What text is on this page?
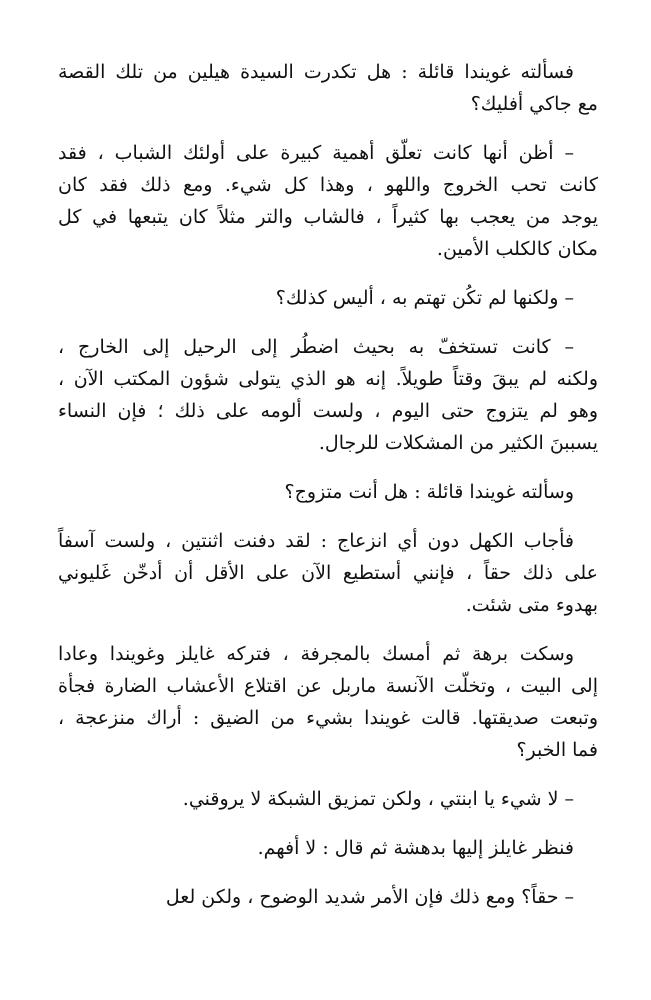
فسألته غويندا قائلة : هل تكدرت السيدة هيلين من تلك القصة
مع جاكي أفليك؟
– أظن أنها كانت تعلّق أهمية كبيرة على أولئك الشباب ، فقد
كانت تحب الخروج واللهو ، وهذا كل شيء. ومع ذلك فقد كان
يوجد من يعجب بها كثيراً ، فالشاب والتر مثلاً كان يتبعها في كل
مكان كالكلب الأمين.
– ولكنها لم تكُن تهتم به ، أليس كذلك؟
– كانت تستخفّ به بحيث اضطُر إلى الرحيل إلى الخارج ،
ولكنه لم يبقَ وقتاً طويلاً. إنه هو الذي يتولى شؤون المكتب الآن ،
وهو لم يتزوج حتى اليوم ، ولست ألومه على ذلك ؛ فإن النساء
يسببنَ الكثير من المشكلات للرجال.
وسألته غويندا قائلة : هل أنت متزوج؟
فأجاب الكهل دون أي انزعاج : لقد دفنت اثنتين ، ولست آسفاً
على ذلك حقاً ، فإنني أستطيع الآن على الأقل أن أدخّن غَليوني
بهدوء متى شئت.
وسكت برهة ثم أمسك بالمجرفة ، فتركه غايلز وغويندا وعادا
إلى البيت ، وتخلّت الآنسة ماربل عن اقتلاع الأعشاب الضارة فجأة
وتبعت صديقتها. قالت غويندا بشيء من الضيق : أراك منزعجة ،
فما الخبر؟
– لا شيء يا ابنتي ، ولكن تمزيق الشبكة لا يروقني.
فنظر غايلز إليها بدهشة ثم قال : لا أفهم.
– حقاً؟ ومع ذلك فإن الأمر شديد الوضوح ، ولكن لعل
